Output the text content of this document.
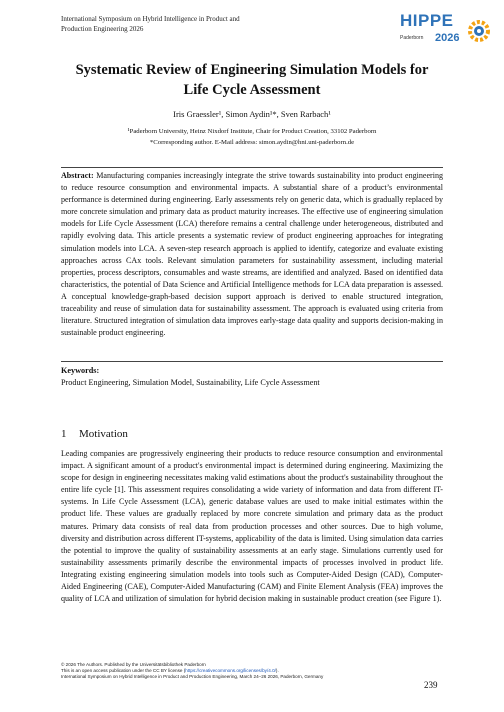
International Symposium on Hybrid Intelligence in Product and
Production Engineering 2026	HIPPE
Paderborn 2026
Systematic Review of Engineering Simulation Models for
Life Cycle Assessment
Iris Graessler¹, Simon Aydin¹*, Sven Rarbach¹
¹Paderborn University, Heinz Nixdorf Institute, Chair for Product Creation, 33102 Paderborn
*Corresponding author. E-Mail address: simon.aydin@hni.uni-paderborn.de
Abstract: Manufacturing companies increasingly integrate the strive towards sustainability into product engineering to reduce resource consumption and environmental impacts. A substantial share of a product’s environmental performance is determined during engineering. Early assessments rely on generic data, which is gradually replaced by more concrete simulation and primary data as product maturity increases. The effective use of engineering simulation models for Life Cycle Assessment (LCA) therefore remains a central challenge under heterogeneous, distributed and rapidly evolving data. This article presents a systematic review of product engineering approaches for integrating simulation models into LCA. A seven-step research approach is applied to identify, categorize and evaluate existing approaches across CAx tools. Relevant simulation parameters for sustainability assessment, including material properties, process descriptors, consumables and waste streams, are identified and analyzed. Based on identified data characteristics, the potential of Data Science and Artificial Intelligence methods for LCA data preparation is assessed. A conceptual knowledge-graph-based decision support approach is derived to enable structured integration, traceability and reuse of simulation data for sustainability assessment. The approach is evaluated using criteria from literature. Structured integration of simulation data improves early-stage data quality and supports decision-making in sustainable product engineering.
Keywords:
Product Engineering, Simulation Model, Sustainability, Life Cycle Assessment
1 Motivation
Leading companies are progressively engineering their products to reduce resource consumption and environmental impact. A significant amount of a product's environmental impact is determined during engineering. Maximizing the scope for design in engineering necessitates making valid estimations about the product's sustainability throughout the entire life cycle [1]. This assessment requires consolidating a wide variety of information and data from different IT-systems. In Life Cycle Assessment (LCA), generic database values are used to make initial estimates within the product life. These values are gradually replaced by more concrete simulation and primary data as the product matures. Primary data consists of real data from production processes and other sources. Due to high volume, diversity and distribution across different IT-systems, applicability of the data is limited. Using simulation data carries the potential to improve the quality of sustainability assessments at an early stage. Simulations currently used for sustainability assessments primarily describe the environmental impacts of processes involved in product life. Integrating existing engineering simulation models into tools such as Computer-Aided Design (CAD), Computer-Aided Engineering (CAE), Computer-Aided Manufacturing (CAM) and Finite Element Analysis (FEA) improves the quality of LCA and utilization of simulation for hybrid decision making in sustainable product creation (see Figure 1).
© 2026 The Authors. Published by the Universitätsbibliothek Paderborn
This is an open access publication under the CC BY license (https://creativecommons.org/licenses/by/4.0/).
International Symposium on Hybrid Intelligence in Product and Production Engineering, March 24–26 2026, Paderborn, Germany
239
